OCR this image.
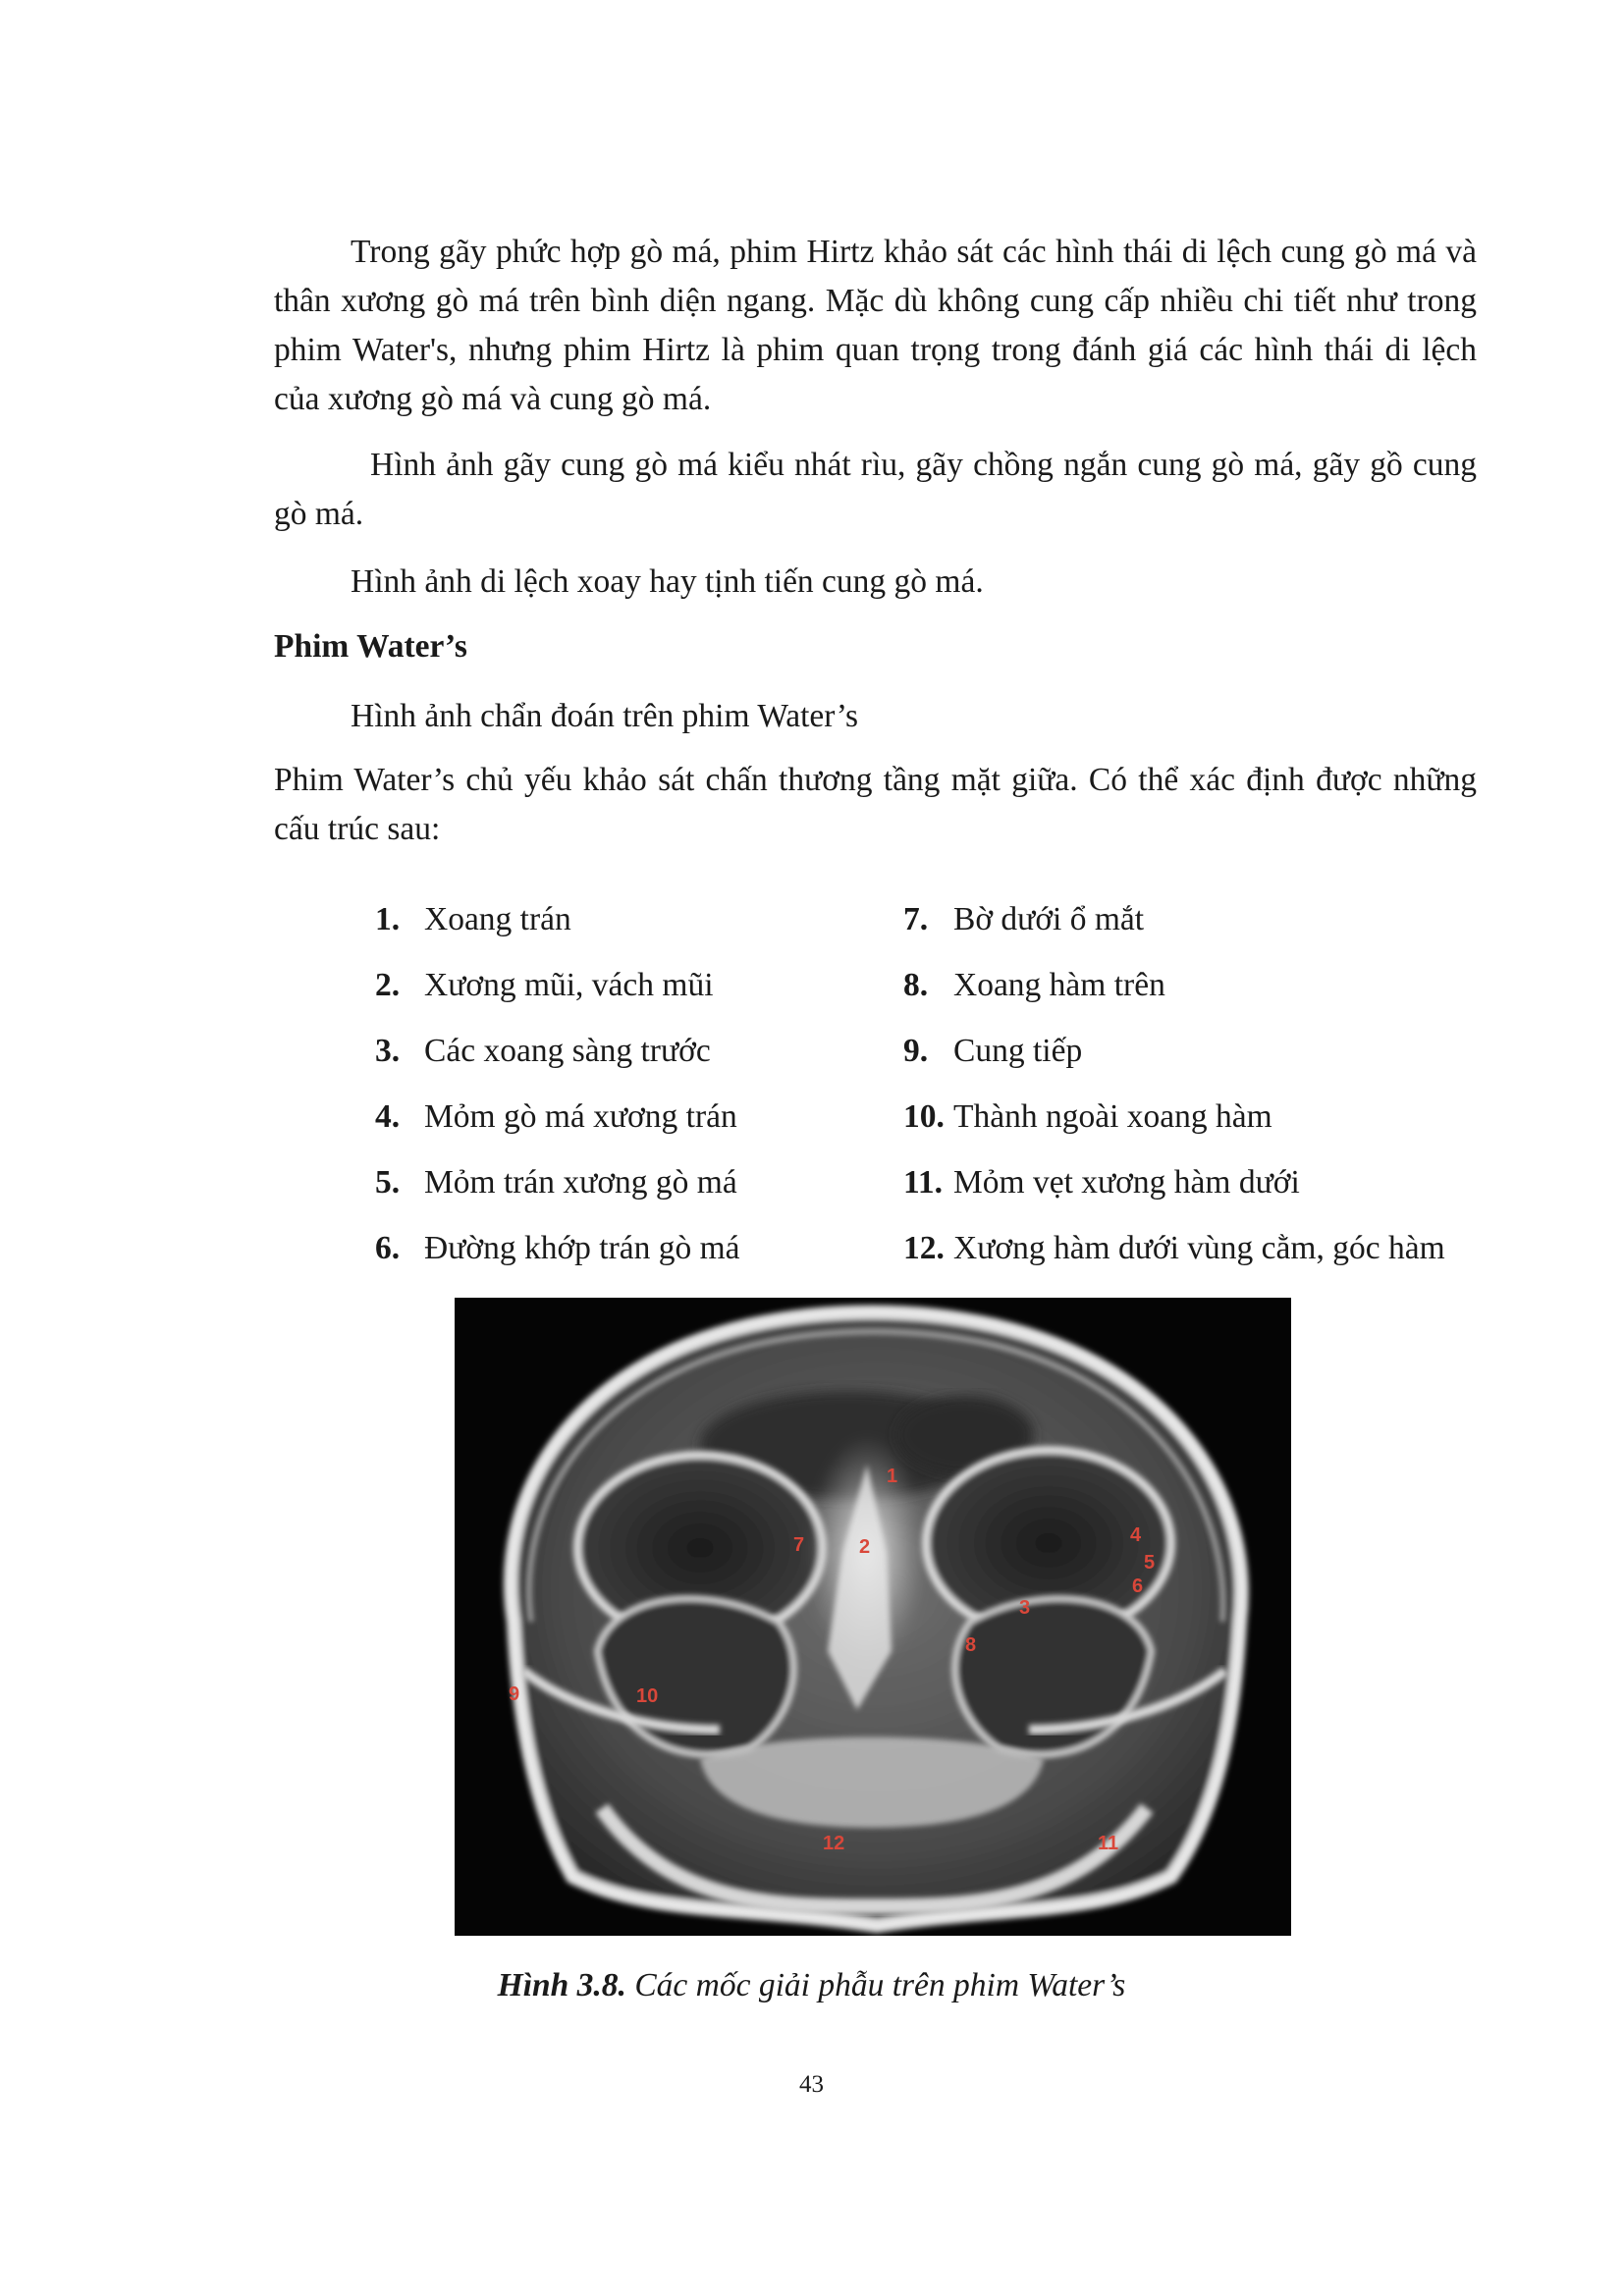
Trong gãy phức hợp gò má, phim Hirtz khảo sát các hình thái di lệch cung gò má và thân xương gò má trên bình diện ngang. Mặc dù không cung cấp nhiều chi tiết như trong phim Water's, nhưng phim Hirtz là phim quan trọng trong đánh giá các hình thái di lệch của xương gò má và cung gò má.

Hình ảnh gãy cung gò má kiểu nhát rìu, gãy chồng ngắn cung gò má, gãy gồ cung gò má.

Hình ảnh di lệch xoay hay tịnh tiến cung gò má.

Phim Water’s

Hình ảnh chẩn đoán trên phim Water’s

Phim Water’s chủ yếu khảo sát chấn thương tầng mặt giữa. Có thể xác định được những cấu trúc sau:

1. Xoang trán
2. Xương mũi, vách mũi
3. Các xoang sàng trước
4. Mỏm gò má xương trán
5. Mỏm trán xương gò má
6. Đường khớp trán gò má
7. Bờ dưới ổ mắt
8. Xoang hàm trên
9. Cung tiếp
10. Thành ngoài xoang hàm
11. Mỏm vẹt xương hàm dưới
12. Xương hàm dưới vùng cằm, góc hàm
1
2
3
4
5
6
7
8
9	10
11
12

Hình 3.8. Các mốc giải phẫu trên phim Water’s

43
